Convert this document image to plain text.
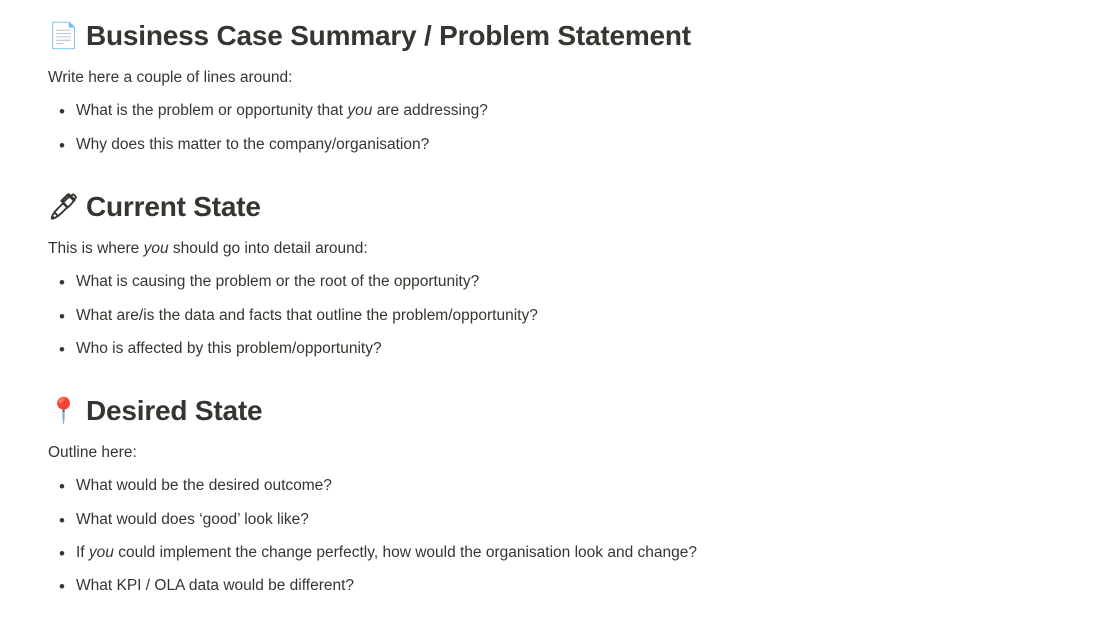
📄 Business Case Summary / Problem Statement

Write here a couple of lines around:

• What is the problem or opportunity that you are addressing?
• Why does this matter to the company/organisation?
🖊 Current State

This is where you should go into detail around:

• What is causing the problem or the root of the opportunity?
• What are/is the data and facts that outline the problem/opportunity?
• Who is affected by this problem/opportunity?
📍 Desired State

Outline here:

• What would be the desired outcome?
• What would does ‘good’ look like?
• If you could implement the change perfectly, how would the organisation look and change?
• What KPI / OLA data would be different?
